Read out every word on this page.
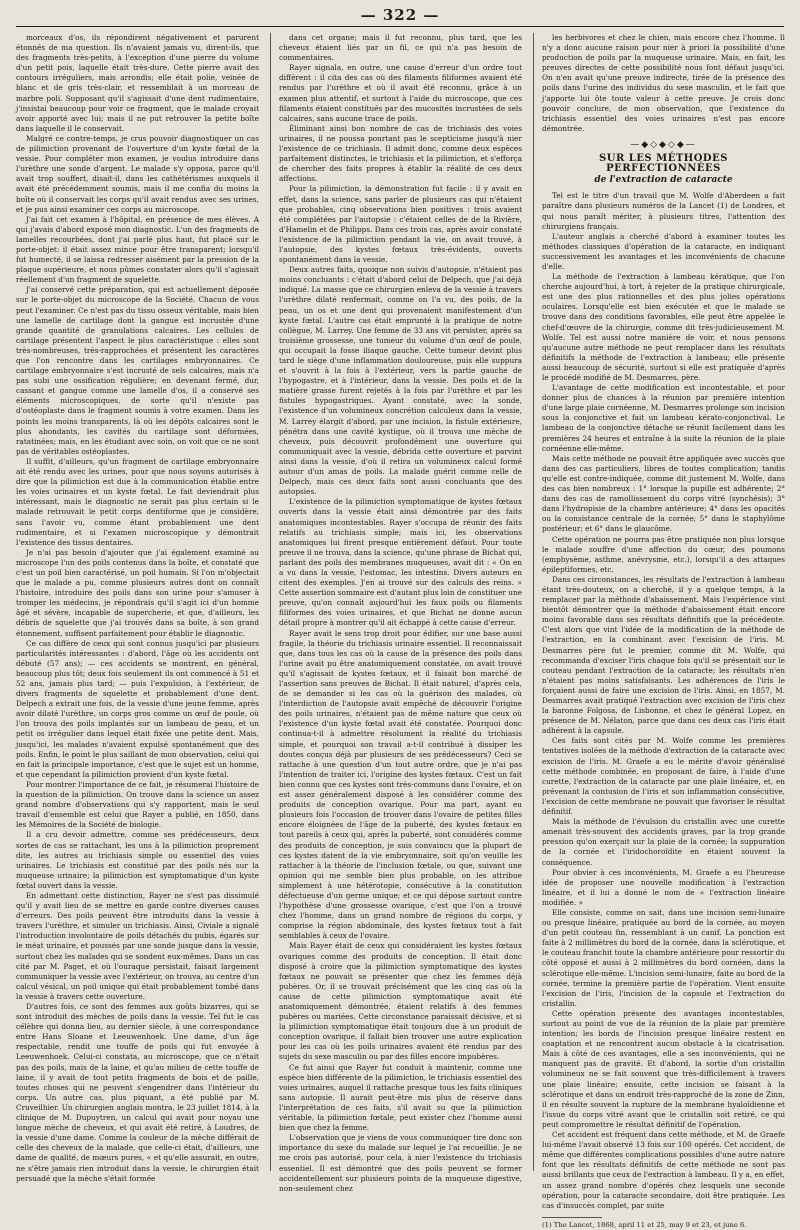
— 322 —

morceaux d'os, ils répondirent négativement et parurent étonnés de ma question. Ils n'avaient jamais vu, dirent-ils, que des fragments très-petits, à l'exception d'une pierre du volume d'un petit pois, laquelle était très-dure. Cette pierre avait des contours irréguliers, mais arrondis; elle était polie, veinée de blanc et de gris très-clair, et ressemblait à un morceau de marbre poli. Supposant qu'il s'agissait d'une dent rudimentaire, j'insistai beaucoup pour voir ce fragment, que le malade croyait avoir apporté avec lui; mais il ne put retrouver la petite boîte dans laquelle il le conservait.

Malgré ce contre-temps, je crus pouvoir diagnostiquer un cas de pilimiction provenant de l'ouverture d'un kyste fœtal de la vessie. Pour compléter mon examen, je voulus introduire dans l'urèthre une sonde d'argent. Le malade s'y opposa, parce qu'il avait trop souffert, disait-il, dans les cathétérismes auxquels il avait été précédemment soumis, mais il me confia du moins la boîte où il conservait les corps qu'il avait rendus avec ses urines, et je pus ainsi examiner ces corps au microscope.

J'ai fait cet examen à l'hôpital, en présence de mes élèves. A qui j'avais d'abord exposé mon diagnostic. L'un des fragments de lamelles recourbées, dont j'ai parlé plus haut, fut placé sur le porte-objet: il était assez mince pour être transparent; lorsqu'il fut humecté, il se laissa redresser aisément par la pression de la plaque supérieure, et nous pûmes constater alors qu'il s'agissait réellement d'un fragment de squelette.

J'ai conservé cette préparation, qui est actuellement déposée sur le porte-objet du microscope de la Société. Chacun de vous peut l'examiner. Ce n'est pas du tissu osseux véritable, mais bien une lamelle de cartilage dont la gangue est incrustée d'une grande quantité de granulations calcaires. Les cellules de cartilage présentent l'aspect le plus caractéristique : elles sont très-nombreuses, très-rapprochées et présentent les caractères que l'on rencontre dans les cartilages embryonnaires. Ce cartilage embryonnaire s'est incrusté de sels calcaires, mais n'a pas subi une ossification régulière; en devenant fermé, dur, cassant et gangue comme une lamelle d'os, il a conservé ses éléments microscopiques, de sorte qu'il n'existe pas d'ostéoplaste dans le fragment soumis à votre examen. Dans les points les moins transparents, là où les dépôts calcaires sont le plus abondants, les cavités du cartilage sont déformées, ratatinées; mais, en les étudiant avec soin, on voit que ce ne sont pas de véritables ostéoplastes.

Il suffit, d'ailleurs, qu'un fragment de cartilage embryonnaire ait été rendu avec les urines, pour que nous soyons autorisés à dire que la pilimiction est due à la communication établie entre les voies urinaires et un kyste fœtal. Le fait deviendrait plus intéressant, mais le diagnostic ne serait pas plus certain si le malade retrouvait le petit corps dentiforme que je considère, sans l'avoir vu, comme étant probablement une dent rudimentaire, et si l'examen microscopique y démontrait l'existence des tissus dentaires.

Je n'ai pas besoin d'ajouter que j'ai également examiné au microscope l'un des poils contenus dans la boîte, et constaté que c'est un poil bien caractérisé, un poil humain. Si l'on m'objectait que le malade a pu, comme plusieurs autres dont on connaît l'histoire, introduire des poils dans son urine pour s'amuser à tromper les médecins, je répondrais qu'il s'agit ici d'un homme âgé et sévère, incapable de supercherie, et que, d'ailleurs, les débris de squelette que j'ai trouvés dans sa boîte, à son grand étonnement, suffisent parfaitement pour établir le diagnostic.

Ce cas diffère de ceux qui sont connus jusqu'ici par plusieurs particularités intéressantes : d'abord, l'âge où les accidents ont débuté (57 ans); — ces accidents se montrent, en général, beaucoup plus tôt; deux fois seulement ils ont commencé à 51 et 52 ans, jamais plus tard; — puis l'expulsion, à l'extérieur, de divers fragments de squelette et probablement d'une dent. Delpech a extrait une fois, de la vessie d'une jeune femme, après avoir dilaté l'urèthre, un corps gros comme un œuf de poule, où l'on trouva des poils implantés sur un lambeau de peau, et un petit os irrégulier dans lequel était fixée une petite dent. Mais, jusqu'ici, les malades n'avaient expulsé spontanément que des poils. Enfin, le point le plus saillant de mon observation, celui qui en fait la principale importance, c'est que le sujet est un homme, et que cependant la pilimiction provient d'un kyste fœtal.

Pour montrer l'importance de ce fait, je résumerai l'histoire de la question de la pilimiction. On trouve dans la science un assez grand nombre d'observations qui s'y rapportent, mais le seul travail d'ensemble est celui que Rayer a publié, en 1850, dans les Mémoires de la Société de biologie.

Il a cru devoir admettre, comme ses prédécesseurs, deux sortes de cas se rattachant, les uns à la pilimiction proprement dite, les autres au trichiasis simple ou essentiel des voies urinaires. Le trichiasis est constitué par des poils nés sur la muqueuse urinaire; la pilimiction est symptomatique d'un kyste fœtal ouvert dans la vessie.

En admettant cette distinction, Rayer ne s'est pas dissimulé qu'il y avait lieu de se mettre en garde contre diverses causes d'erreurs. Des poils peuvent être introduits dans la vessie à travers l'urèthre, et simuler un trichiasis. Ainsi, Civiale a signalé l'introduction involontaire de poils détachés du pubis, égarés sur le méat urinaire, et poussés par une sonde jusque dans la vessie, surtout chez les malades qui se sondent eux-mêmes. Dans un cas cité par M. Paget, et où l'ouraque persistait, faisait largement communiquer la vessie avec l'extérieur, on trouva, au centre d'un calcul vésical, un poil unique qui était probablement tombé dans la vessie à travers cette ouverture.

D'autres fois, ce sont des femmes aux goûts bizarres, qui se sont introduit des mèches de poils dans la vessie. Tel fut le cas célèbre qui donna lieu, au dernier siècle, à une correspondance entre Hans Sloane et Leeuwenhoek. Une dame, d'un âge respectable, rendit une touffe de poils qui fut envoyée à Leeuwenhoek. Celui-ci constata, au microscope, que ce n'était pas des poils, mais de la laine, et qu'au milieu de cette touffe de laine, il y avait de tout petits fragments de bois et de paille, toutes choses qui ne peuvent s'engendrer dans l'intérieur du corps. Un autre cas, plus piquant, a été publié par M. Cruveilhier. Un chirurgien anglais montra, le 23 juillet 1814, à la clinique de M. Dupuytren, un calcul qui avait pour noyau une longue mèche de cheveux, et qui avait été retiré, à Loudres, de la vessie d'une dame. Comme la couleur de la mèche différait de celle des cheveux de la malade, que celle-ci était, d'ailleurs, une dame de qualité, de mœurs pures, « et qu'elle assurait, en outre, ne s'être jamais rien introduit dans la vessie, le chirurgien était persuadé que la mèche s'était formée

dans cet organe; mais il fut reconnu, plus tard, que les cheveux étaient liés par un fil, ce qui n'a pas besoin de commentaires.

Rayer signala, en outre, une cause d'erreur d'un ordre tout différent : il cita des cas où des filaments filiformes avaient été rendus par l'urèthre et où il avait été reconnu, grâce à un examen plus attentif, et surtout à l'aide du microscope, que ces filaments étaient constitués par des mucosités incrustées de sels calcaires, sans aucune trace de poils.

Éliminant ainsi bon nombre de cas de trichiasis des voies urinaires, il ne poussa pourtant pas le scepticisme jusqu'à nier l'existence de ce trichiasis. Il admit donc, comme deux espèces parfaitement distinctes, le trichiasis et la pilimiction, et s'efforça de chercher des faits propres à établir la réalité de ces deux affections.

Pour la pilimiction, la démonstration fut facile : il y avait en effet, dans la science, sans parler de plusieurs cas qui n'étaient que probables, cinq observations bien positives : trois avaient été complétées par l'autopsie : c'étaient celles de de la Rivière, d'Hamelin et de Philipps. Dans ces trois cas, après avoir constaté l'existence de la pilimiction pendant la vie, on avait trouvé, à l'autopsie, des kystes fœtaux très-évidents, ouverts spontanément dans la vessie.

Deux autres faits, quoique non suivis d'autopsie, n'étaient pas moins concluants : c'était d'abord celui de Delpech, que j'ai déjà indiqué. La masse que ce chirurgien enleva de la vessie à travers l'urèthre dilaté renfermait, comme on l'a vu, des poils, de la peau, un os et une dent qui provenaient manifestement d'un kyste fœtal. L'autre cas était emprunté à la pratique de notre collègue, M. Larrey. Une femme de 33 ans vit persister, après sa troisième grossesse, une tumeur du volume d'un œuf de poule, qui occupait la fosse iliaque gauche. Cette tumeur devint plus tard le siège d'une inflammation douloureuse, puis elle suppura et s'ouvrit à la fois à l'extérieur, vers la partie gauche de l'hypogastre, et à l'intérieur, dans la vessie. Des poils et de la matière grasse furent rejetés à la fois par l'urèthre et par les fistules hypogastriques. Ayant constaté, avec la sonde, l'existence d'un volumineux concrétion calculeux dans la vessie, M. Larrey élargit d'abord, par une incision, la fistule extérieure, pénétra dans une cavité kystique, où il trouva une mèche de cheveux, puis découvrit profondément une ouverture qui communiquait avec la vessie, débrida cette ouverture et parvint ainsi dans la vessie, d'où il retira un volumineux calcul formé autour d'un amas de poils. La malade guérit comme celle de Delpech, mais ces deux faits sont aussi concluants que des autopsies.

L'existence de la pilimiction symptomatique de kystes fœtaux ouverts dans la vessie était ainsi démontrée par des faits anatomiques incontestables. Rayer s'occupa de réunir des faits relatifs au trichiasis simple; mais ici, les observations anatomiques lui firent presque entièrement défaut. Pour toute preuve il ne trouva, dans la science, qu'une phrase de Bichat qui, parlant des poils des membranes muqueuses, avait dit : « On en a vu dans la vessie, l'estomac, les intestins. Divers auteurs en citent des exemples. J'en ai trouvé sur des calculs des reins. » Cette assertion sommaire est d'autant plus loin de constituer une preuve, qu'on connaît aujourd'hui les faux poils ou filaments filiformes des voies urinaires, et que Bichat ne donne aucun détail propre à montrer qu'il ait échappé à cette cause d'erreur.

Rayer avait le sens trop droit pour édifier, sur une base aussi fragile, la théorie du trichiasis urinaire essentiel. Il reconnaissait que, dans tous les cas où la cause de la présence des poils dans l'urine avait pu être anatomiquement constatée, on avait trouvé qu'il s'agissait de kystes fœtaux, et il faisait bon marché de l'assertion sans preuves de Bichat. Il était naturel, d'après cela, de se demander si les cas où la guérison des malades, où l'interdiction de l'autopsie avait empêché de découvrir l'origine des poils urinaires, n'étaient pas de même nature que ceux où l'existence d'un kyste fœtal avait été constatée. Pourquoi donc continua-t-il à admettre résolument la réalité du trichiasis simple, et pourquoi son travail a-t-il contribué à dissiper les doutes conçus déjà par plusieurs de ses prédécesseurs? Ceci se rattache à une question d'un tout autre ordre, que je n'ai pas l'intention de traiter ici, l'origine des kystes fœtaux. C'est un fait bien connu que ces kystes sont très-communs dans l'ovaire, et on est assez généralement disposé à les considérer comme des produits de conception ovarique. Pour ma part, ayant eu plusieurs fois l'occasion de trouver dans l'ovaire de petites filles encore éloignées de l'âge de la puberté, des kystes fœtaux en tout pareils à ceux qui, après la puberté, sont considérés comme des produits de conception, je suis convaincu que la plupart de ces kystes datent de la vie embryonnaire, soit qu'on veuille les rattacher à la théorie de l'inclusion fœtale, ou que, suivant une opinion qui me semble bien plus probable, on les attribue simplement à une hétérotopie, consécutive à la constitution défectueuse d'un germe unique; et ce qui dépose surtout contre l'hypothèse d'une grossesse ovarique, c'est que l'on a trouvé chez l'homme, dans un grand nombre de régions du corps, y comprise la région abdominale, des kystes fœtaux tout à fait semblables à ceux de l'ovaire.

Mais Rayer était de ceux qui considéraient les kystes fœtaux ovariques comme des produits de conception. Il était donc disposé à croire que la pilimiction symptomatique des kystes fœtaux ne pouvait se présenter que chez les femmes déjà pubères. Or, il se trouvait précisément que les cinq cas où la cause de cette pilimiction symptomatique avait été anatomiquement démontrée, étaient relatifs à des femmes pubères ou mariées. Cette circonstance paraissait décisive, et si la pilimiction symptomatique était toujours due à un produit de conception ovarique, il fallait bien trouver une autre explication pour les cas où les poils urinaires avaient été rendus par des sujets du sexe masculin ou par des filles encore impubères.

Ce fut ainsi que Rayer fut conduit à maintenir, comme une espèce bien différente de la pilimiction, le trichiasis essentiel des voies urinaires, auquel il rattache presque tous les faits cliniques sans autopsie. Il aurait peut-être mis plus de réserve dans l'interprétation de ces faits, s'il avait su que la pilimiction véritable, la pilimiction fœtale, peut exister chez l'homme aussi bien que chez la femme.

L'observation que je viens de vous communiquer tire donc son importance du sexe du malade sur lequel je l'ai recueillie. Je ne me crois pas autorisé, pour cela, à nier l'existence du trichiasis essentiel. Il est démontré que des poils peuvent se former accidentellement sur plusieurs points de la muqueuse digestive, non-seulement chez

les herbivores et chez le chien, mais encore chez l'homme. Il n'y a donc aucune raison pour nier à priori la possibilité d'une production de poils par la muqueuse urinaire. Mais, en fait, les preuves directes de cette possibilité nous font défaut jusqu'ici. On n'en avait qu'une preuve indirecte, tirée de la présence des poils dans l'urine des individus du sexe masculin, et le fait que j'apporte lui ôte toute valeur à cette preuve. Je crois donc pouvoir conclure, de mon observation, que l'existence du trichiasis essentiel des voies urinaires n'est pas encore démontrée.

—◆◇◆◇◆—
SUR LES MÉTHODES PERFECTIONNÉES
de l'extraction de cataracte

Tel est le titre d'un travail que M. Wolfe d'Aberdeen a fait paraître dans plusieurs numéros de la Lancet (1) de Londres, et qui nous paraît mériter, à plusieurs titres, l'attention des chirurgiens français.

L'auteur anglais a cherché d'abord à examiner toutes les méthodes classiques d'opération de la cataracte, en indiquant successivement les avantages et les inconvénients de chacune d'elle.

La méthode de l'extraction à lambeau kératique, que l'on cherche aujourd'hui, à tort, à rejeter de la pratique chirurgicale, est une des plus rationnelles et des plus jolies opérations oculaires. Lorsqu'elle est bien exécutée et que le malade se trouve dans des conditions favorables, elle peut être appelée le chef-d'œuvre de la chirurgie, comme dit très-judicieusement M. Wolfe. Tel est aussi notre manière de voir, et nous pensons qu'aucune autre méthode ne peut remplacer dans les résultats définitifs la méthode de l'extraction à lambeau; elle présente aussi beaucoup de sécurité, surtout si elle est pratiquée d'après le procédé modifié de M. Desmarres, père.

L'avantage de cette modification est incontestable, et pour donner plus de chances à la réunion par première intention d'une large plaie cornéenne, M. Desmarres prolonge son incision sous la conjonctive et fait un lambeau kérato-conjonctival. Le lambeau de la conjonctive détache se réunit facilement dans les premières 24 heures et entraîne à la suite la réunion de la plaie cornéenne elle-même.

Mais cette méthode ne pouvait être appliquée avec succès que dans des cas particuliers, libres de toutes complication; tandis qu'elle est contre-indiquée, comme dit justement M. Wolfe, dans des cas bien nombreux : 1° lorsque la pupille est adhérente; 2° dans des cas de ramollissement du corps vitré (synchésis); 3° dans l'hydropisie de la chambre antérieure; 4° dans les opacités ou la consistance centrale de la cornée; 5° dans le staphylôme postérieur; et 6° dans le glaucôme.

Cette opération ne pourra pas être pratiquée non plus lorsque le malade souffre d'une affection du cœur, des poumons (emphysème, asthme, anévrysme, etc.), lorsqu'il a des attaques épileptiformes, etc.

Dans ces circonstances, les résultats de l'extraction à lambeau étant très-douteux, on a cherché, il y a quelque temps, à la remplacer par la méthode d'abaissement. Mais l'expérience vint bientôt démontrer que la méthode d'abaissement était encore moins favorable dans ses résultats définitifs que la précédente. C'est alors que vint l'idée de la modification de la méthode de l'extraction, en la combinant avec l'excision de l'iris. M. Desmarres père fut le premier, comme dit M. Wolfe, qui recommanda d'exciser l'iris chaque fois qu'il se présentait sur le couteau pendant l'extraction de la cataracte; les résultats n'en n'étaient pas moins satisfaisants. Les adhérences de l'iris le forçaient aussi de faire une excision de l'iris. Ainsi, en 1857, M. Desmarres avait pratiqué l'extraction avec excision de l'iris chez la baronne Folgosa, de Lisbonne, et chez le général Lopez, en présence de M. Nélaton, parce que dans ces deux cas l'iris était adhérent à la capsule.

Ces faits sont cités par M. Wolfe comme les premières tentatives isolées de la méthode d'extraction de la cataracte avec excision de l'iris. M. Graefe a eu le mérite d'avoir généralisé cette méthode combinée, en proposant de faire, à l'aide d'une curette, l'extraction de la cataracte par une plaie linéaire, et, en prévenant la contusion de l'iris et son inflammation consécutive, l'excision de cette membrane ne pouvait que favoriser le résultat définitif.

Mais la méthode de l'évulsion du cristallin avec une curette amenait très-souvent des accidents graves, par la trop grande pression qu'on exerçait sur la plaie de la cornée; la suppuration de la cornée et l'iridochoroïdite en étaient souvent la conséquence.

Pour obvier à ces inconvénients, M. Graefe a eu l'heureuse idée de proposer une nouvelle modification à l'extraction linéaire, et il lui a donné le nom de « l'extraction linéaire modifiée. »

Elle consiste, comme on sait, dans une incision semi-lunaire ou presque linéaire, pratiquée au bord de la cornée, au moyen d'un petit couteau fin, ressemblant à un canif. La ponction est faite à 2 millimètres du bord de la cornée, dans la sclérotique, et le couteau franchit toute la chambre antérieure pour ressortir du côté opposé et aussi à 2 millimètres du bord cornéen, dans la sclérotique elle-même. L'incision semi-lunaire, faite au bord de la cornée, termine la première partie de l'opération. Vient ensuite l'excision de l'iris, l'incision de la capsule et l'extraction du cristallin.

Cette opération présente des avantages incontestables, surtout au point de vue de la réunion de la plaie par première intention; les bords de l'incision presque linéaire restent en coaptation et ne rencontrent aucun obstacle à la cicatrisation. Mais à côté de ces avantages, elle a ses inconvénients, qui ne manquent pas de gravité. Et d'abord, la sortie d'un cristallin volumineux ne se fait souvent que très-difficilement à travers une plaie linéaire; ensuite, cette incision se faisant à la sclérotique et dans un endroit très-rapproché de la zone de Zinn, il en résulte souvent la rupture de la membrane hyaloïdienne et l'issue du corps vitré avant que le cristallin soit retiré, ce qui peut compromettre le résultat définitif de l'opération.

Cet accident est fréquent dans cette méthode, et M. de Graefe lui-même l'avait observé 13 fois sur 100 opérés. Cet accident, de même que différentes complications possibles d'une autre nature font que les résultats définitifs de cette méthode ne sont pas aussi brillants que ceux de l'extraction à lambeau. Il y a, en effet, un assez grand nombre d'opérés chez lesquels une seconde opération, pour la cataracte secondaire, doit être pratiquée. Les cas d'insuccès complet, par suite

(1) The Lancet, 1868, april 11 et 25, may 9 et 23, et june 6.
